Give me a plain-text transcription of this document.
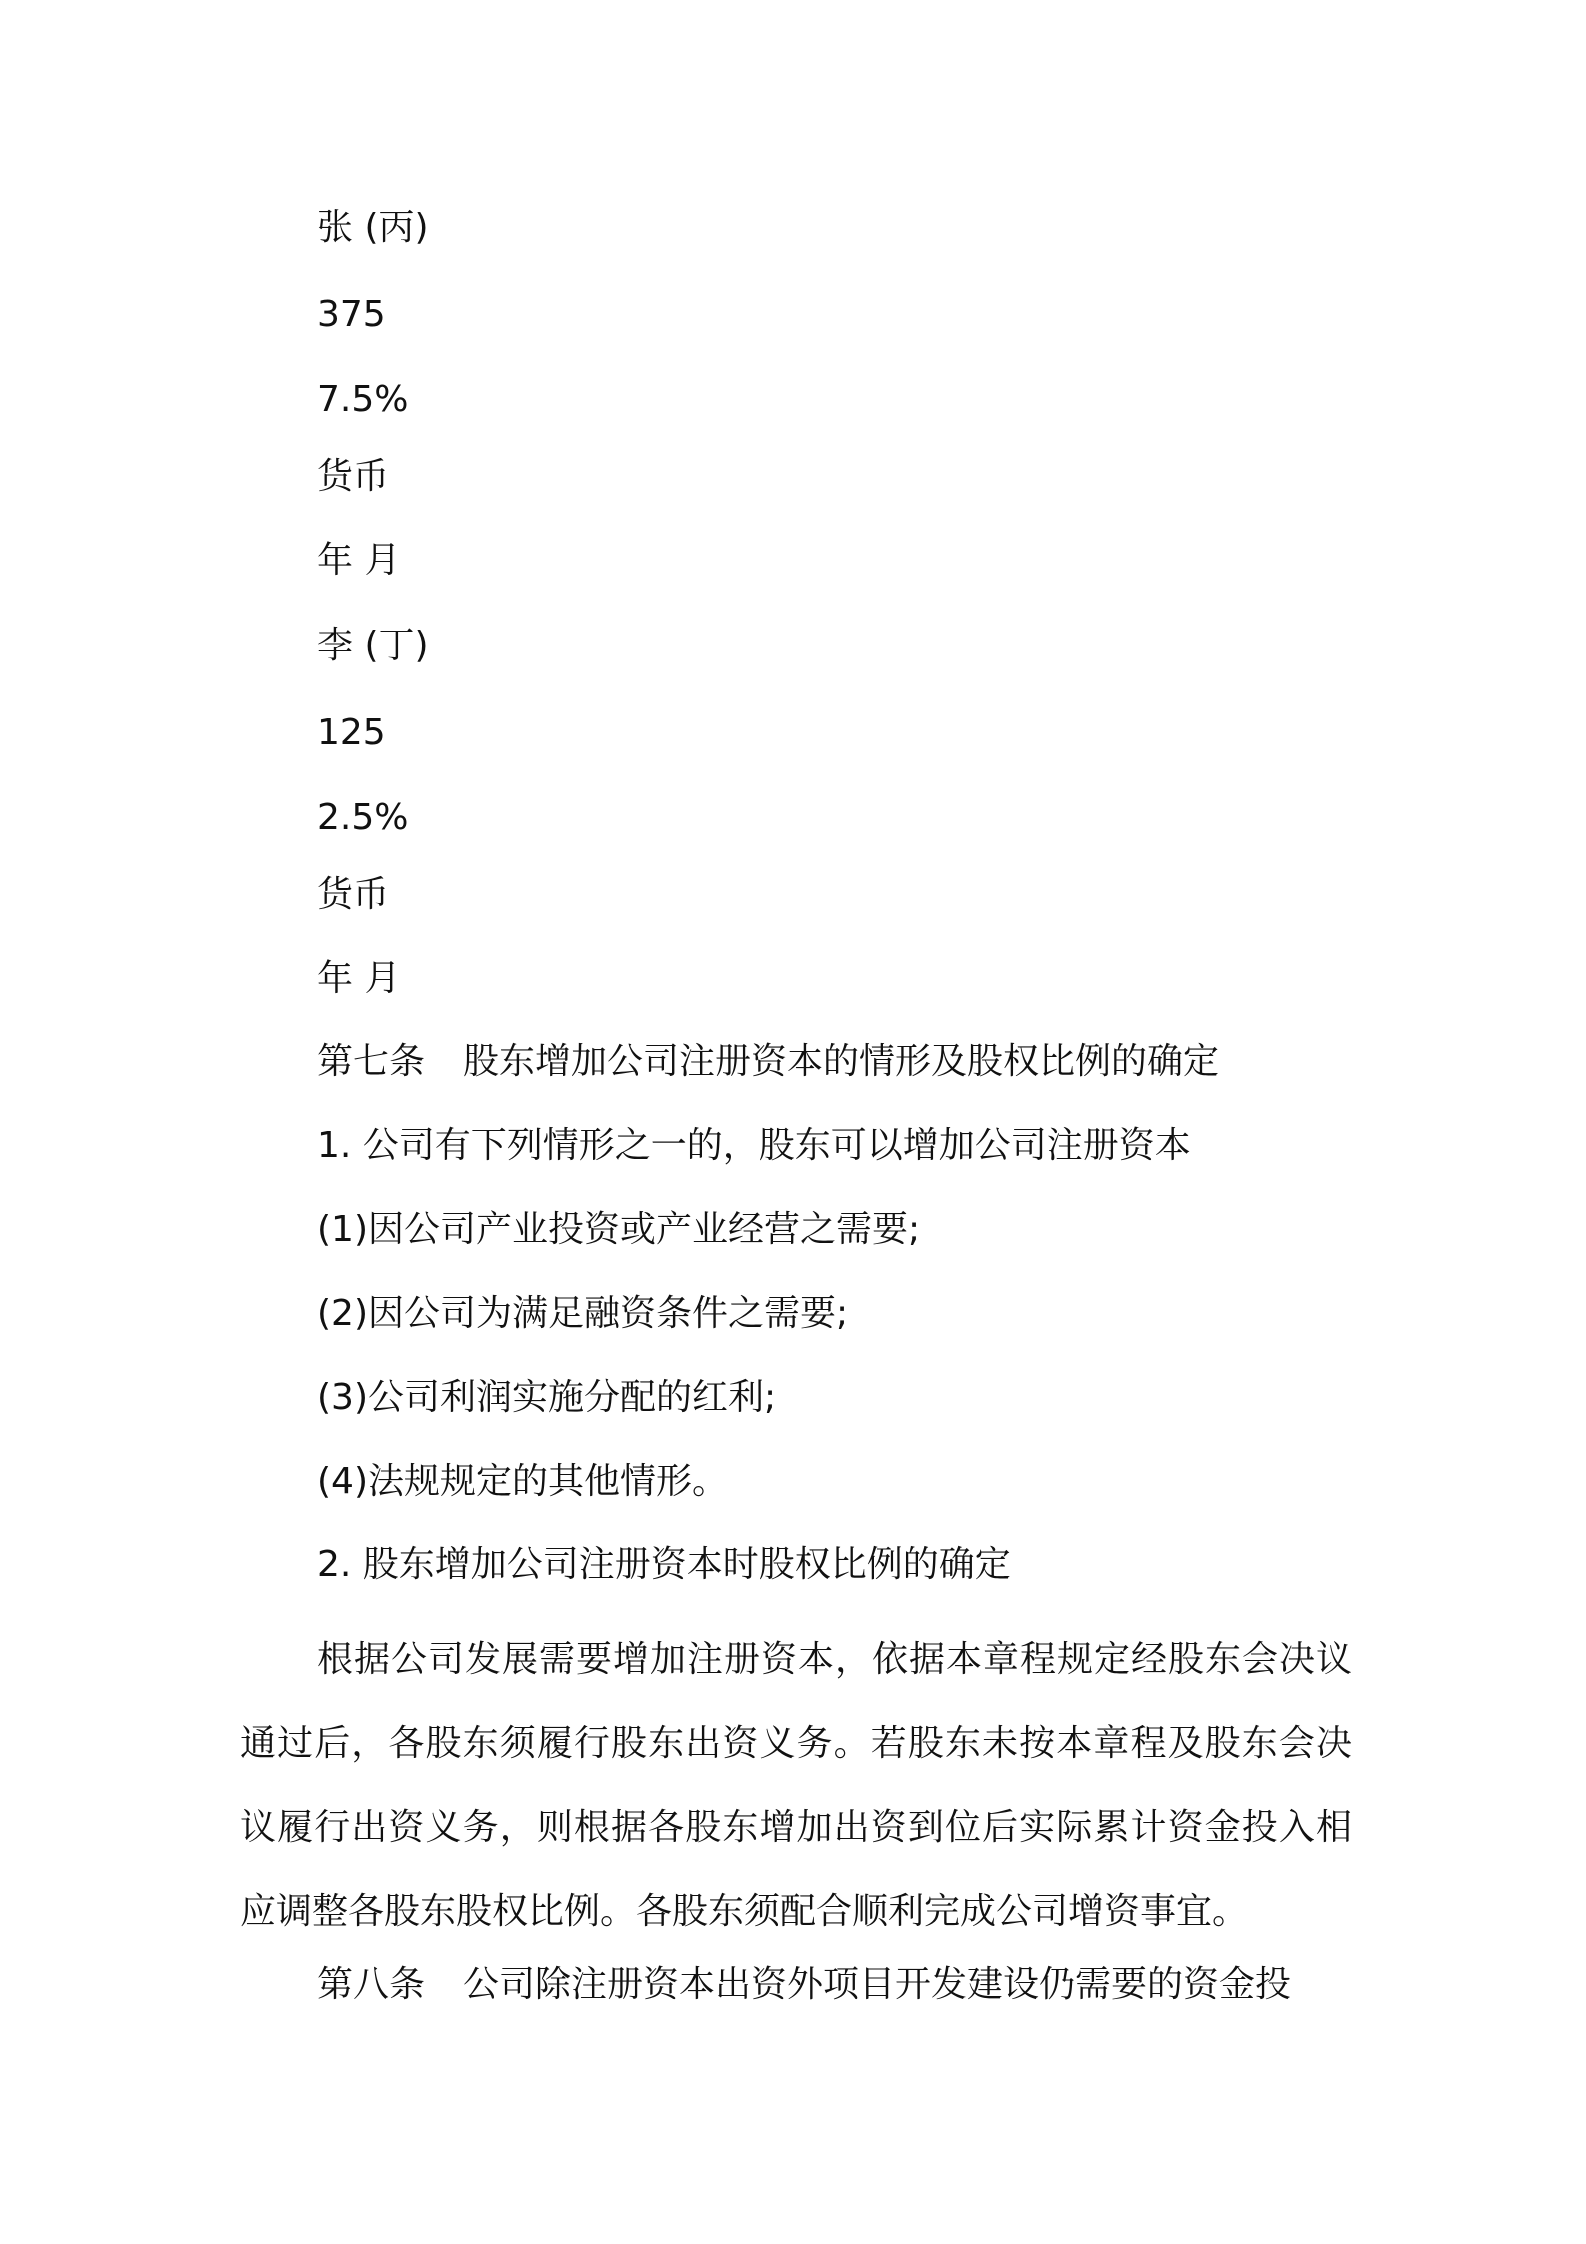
张 (丙)

375

7.5%

货币

年 月

李 (丁)

125

2.5%

货币

年 月

第七条 股东增加公司注册资本的情形及股权比例的确定

1. 公司有下列情形之一的，股东可以增加公司注册资本

(1)因公司产业投资或产业经营之需要;

(2)因公司为满足融资条件之需要;

(3)公司利润实施分配的红利;

(4)法规规定的其他情形。

2. 股东增加公司注册资本时股权比例的确定

根据公司发展需要增加注册资本，依据本章程规定经股东会决议
通过后，各股东须履行股东出资义务。若股东未按本章程及股东会决
议履行出资义务，则根据各股东增加出资到位后实际累计资金投入相
应调整各股东股权比例。各股东须配合顺利完成公司增资事宜。

第八条 公司除注册资本出资外项目开发建设仍需要的资金投
